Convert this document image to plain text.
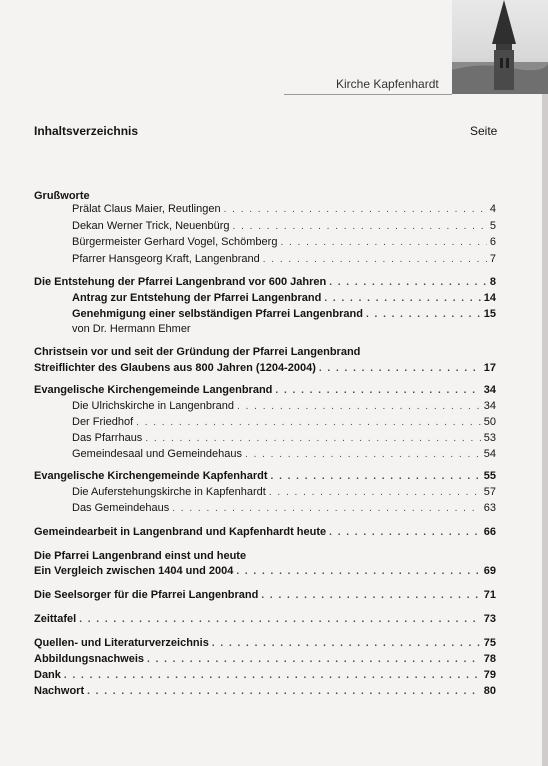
Kirche Kapfenhardt
Inhaltsverzeichnis	Seite
Grußworte
Prälat Claus Maier, Reutlingen . . .	4
Dekan Werner Trick, Neuenbürg . . .	5
Bürgermeister Gerhard Vogel, Schömberg . . .	6
Pfarrer Hansgeorg Kraft, Langenbrand . . .	7
Die Entstehung der Pfarrei Langenbrand vor 600 Jahren . . .	8
Antrag zur Entstehung der Pfarrei Langenbrand . . .	14
Genehmigung einer selbständigen Pfarrei Langenbrand . . .	15
von Dr. Hermann Ehmer
Christsein vor und seit der Gründung der Pfarrei Langenbrand
Streiflichter des Glaubens aus 800 Jahren (1204-2004) . . .	17
Evangelische Kirchengemeinde Langenbrand . . .	34
Die Ulrichskirche in Langenbrand . . .	34
Der Friedhof . . .	50
Das Pfarrhaus . . .	53
Gemeindesaal und Gemeindehaus . . .	54
Evangelische Kirchengemeinde Kapfenhardt . . .	55
Die Auferstehungskirche in Kapfenhardt . . .	57
Das Gemeindehaus . . .	63
Gemeindearbeit in Langenbrand und Kapfenhardt heute . . .	66
Die Pfarrei Langenbrand einst und heute
Ein Vergleich zwischen 1404 und 2004 . . .	69
Die Seelsorger für die Pfarrei Langenbrand . . .	71
Zeittafel . . .	73
Quellen- und Literaturverzeichnis . . .	75
Abbildungsnachweis . . .	78
Dank . . .	79
Nachwort . . .	80
